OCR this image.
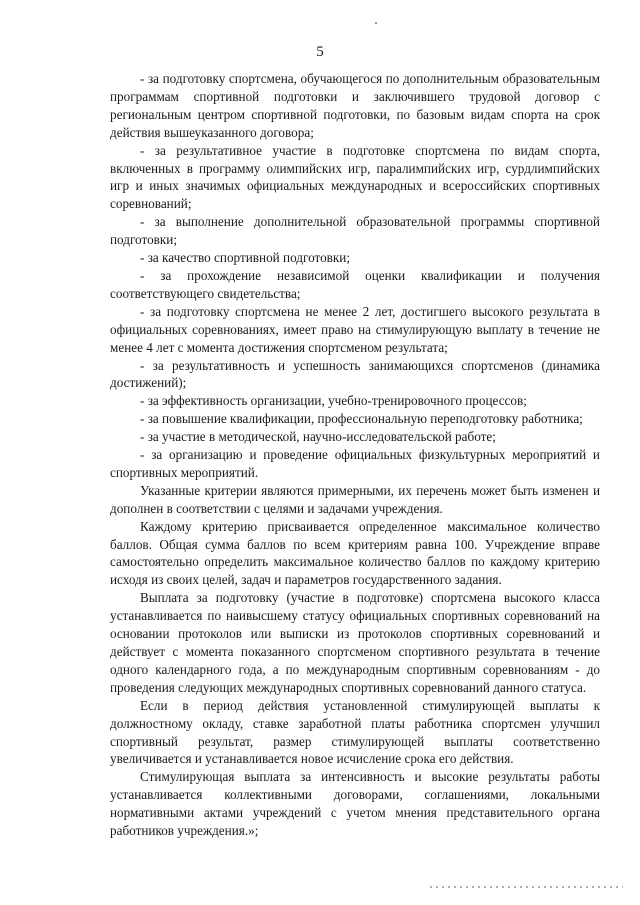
5

- за подготовку спортсмена, обучающегося по дополнительным образовательным программам спортивной подготовки и заключившего трудовой договор с региональным центром спортивной подготовки, по базовым видам спорта на срок действия вышеуказанного договора;

- за результативное участие в подготовке спортсмена по видам спорта, включенных в программу олимпийских игр, паралимпийских игр, сурдлимпийских игр и иных значимых официальных международных и всероссийских спортивных соревнований;

- за выполнение дополнительной образовательной программы спортивной подготовки;

- за качество спортивной подготовки;

- за прохождение независимой оценки квалификации и получения соответствующего свидетельства;

- за подготовку спортсмена не менее 2 лет, достигшего высокого результата в официальных соревнованиях, имеет право на стимулирующую выплату в течение не менее 4 лет с момента достижения спортсменом результата;

- за результативность и успешность занимающихся спортсменов (динамика достижений);

- за эффективность организации, учебно-тренировочного процессов;

- за повышение квалификации, профессиональную переподготовку работника;

- за участие в методической, научно-исследовательской работе;

- за организацию и проведение официальных физкультурных мероприятий и спортивных мероприятий.

Указанные критерии являются примерными, их перечень может быть изменен и дополнен в соответствии с целями и задачами учреждения.

Каждому критерию присваивается определенное максимальное количество баллов. Общая сумма баллов по всем критериям равна 100. Учреждение вправе самостоятельно определить максимальное количество баллов по каждому критерию исходя из своих целей, задач и параметров государственного задания.

Выплата за подготовку (участие в подготовке) спортсмена высокого класса устанавливается по наивысшему статусу официальных спортивных соревнований на основании протоколов или выписки из протоколов спортивных соревнований и действует с момента показанного спортсменом спортивного результата в течение одного календарного года, а по международным спортивным соревнованиям - до проведения следующих международных спортивных соревнований данного статуса.

Если в период действия установленной стимулирующей выплаты к должностному окладу, ставке заработной платы работника спортсмен улучшил спортивный результат, размер стимулирующей выплаты соответственно увеличивается и устанавливается новое исчисление срока его действия.

Стимулирующая выплата за интенсивность и высокие результаты работы устанавливается коллективными договорами, соглашениями, локальными нормативными актами учреждений с учетом мнения представительного органа работников учреждения.»;
